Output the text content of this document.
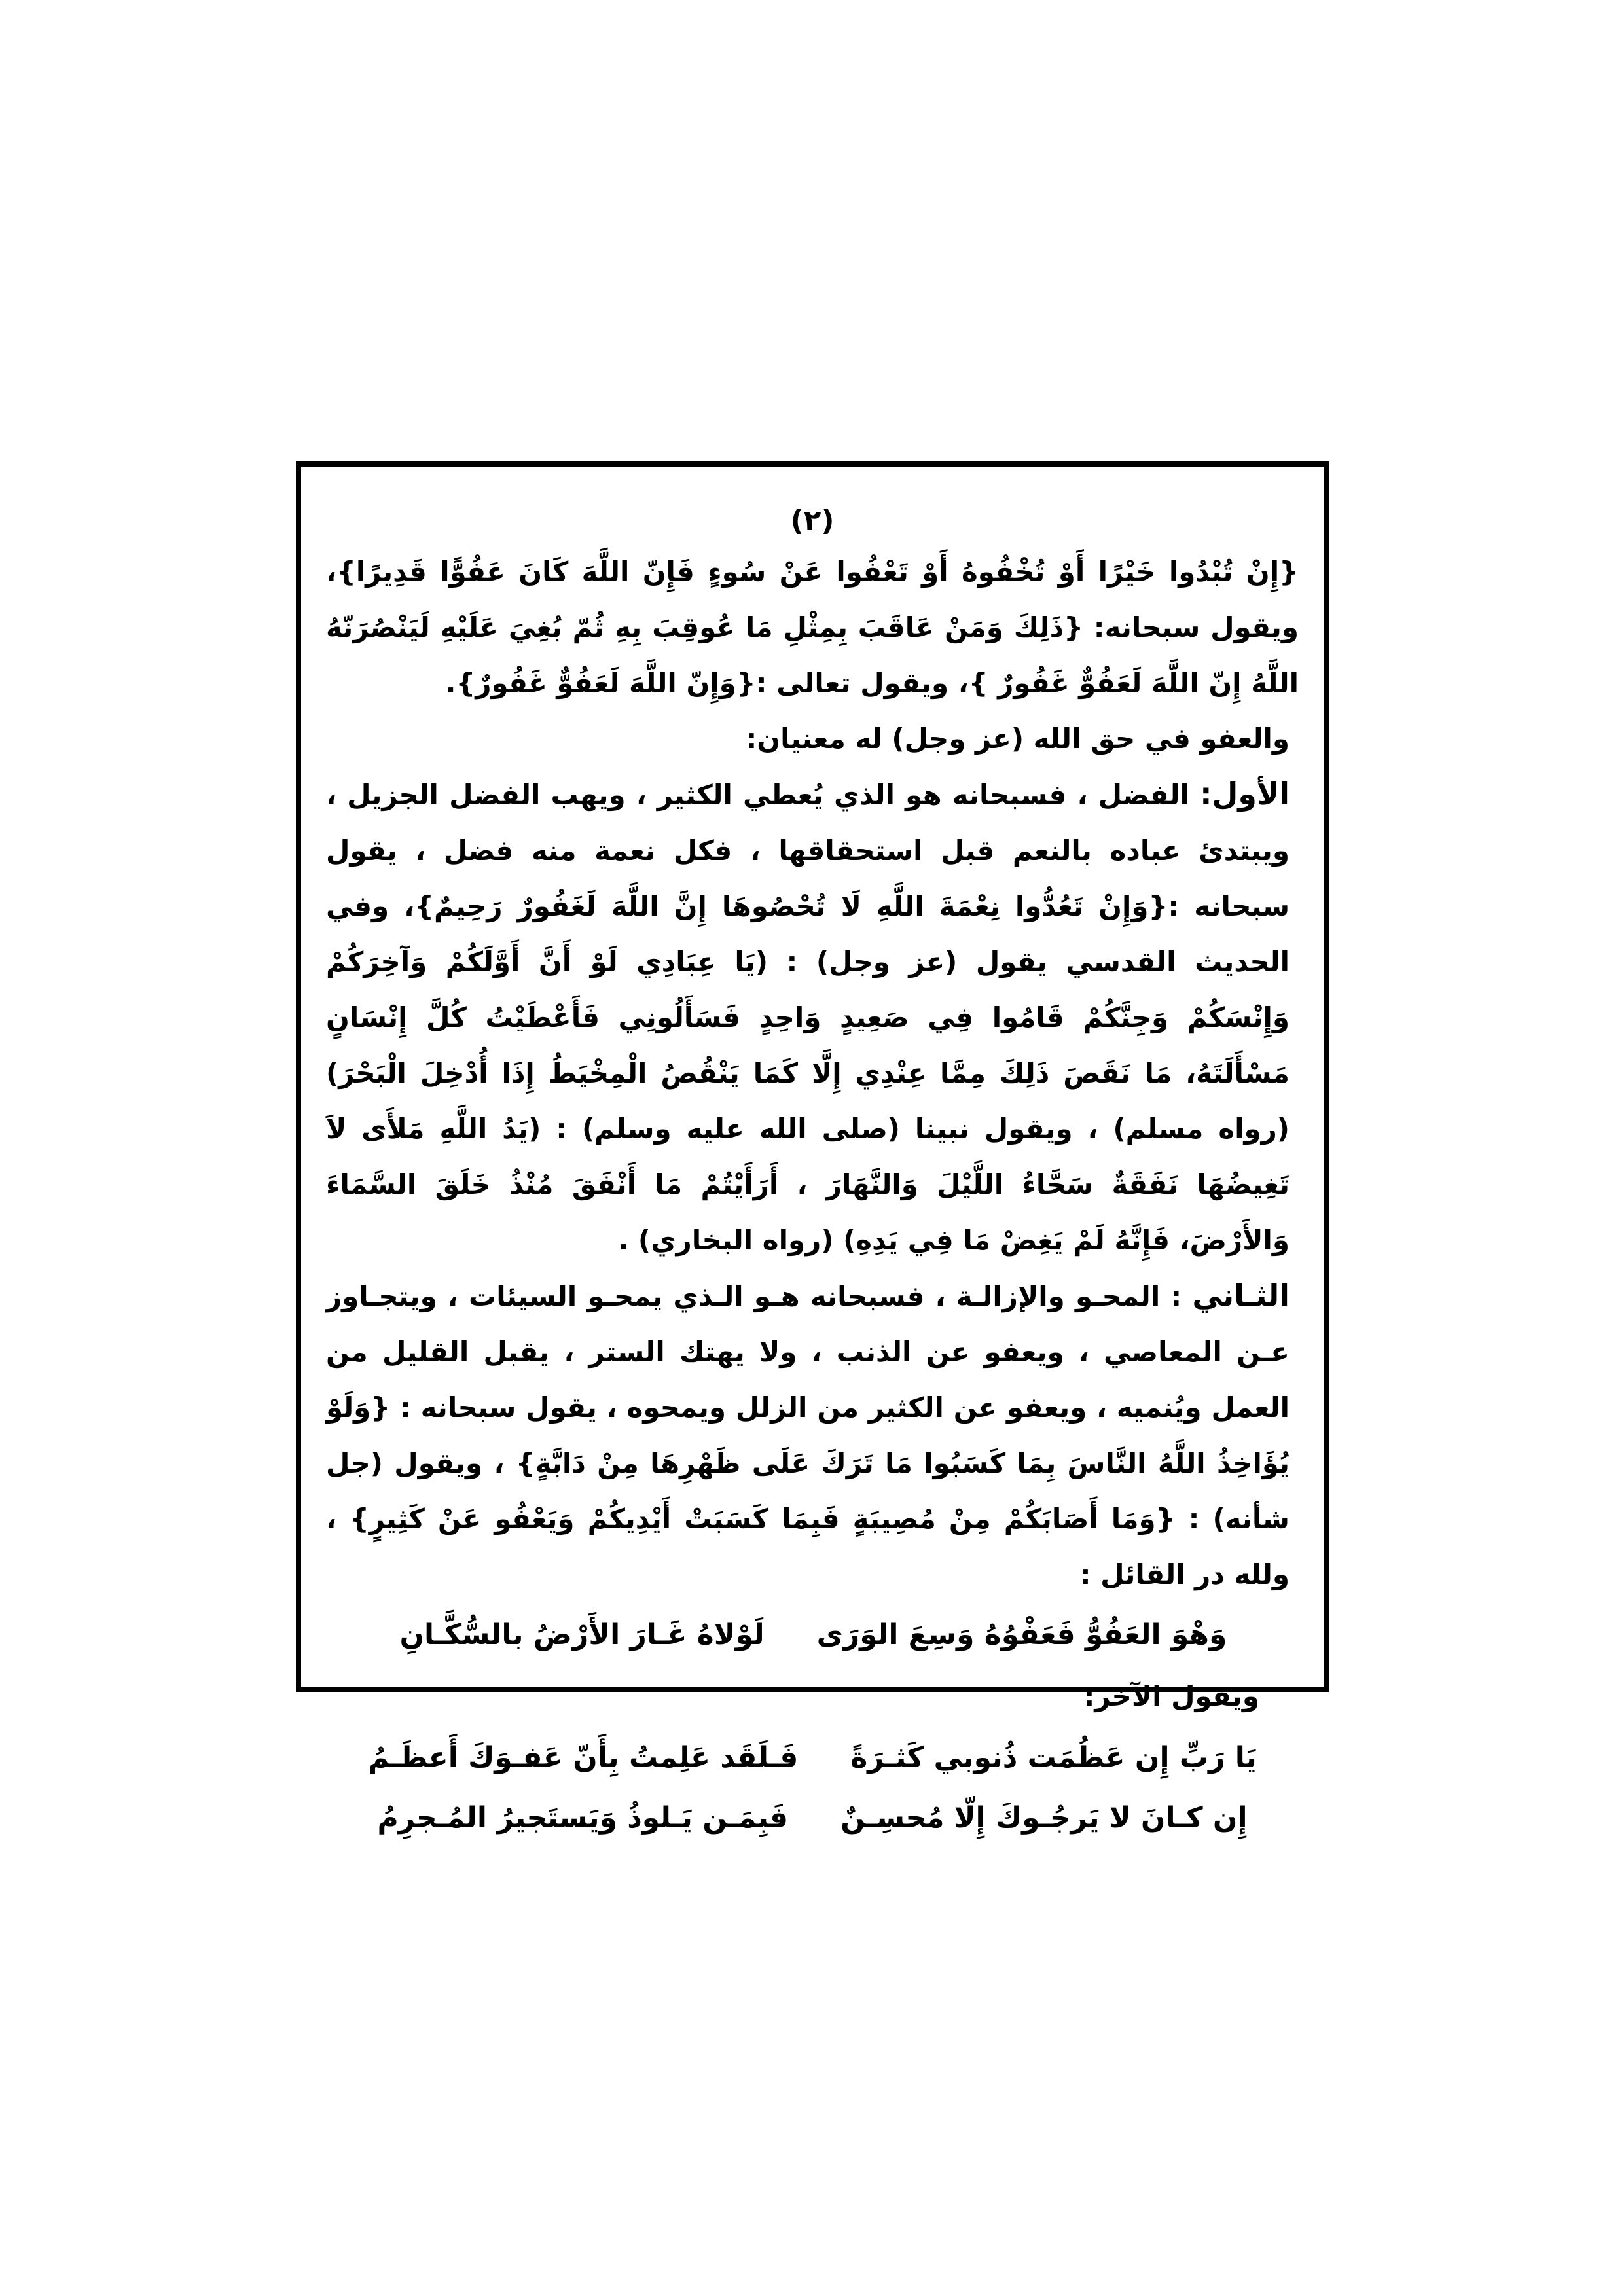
(٢)

{إِنْ تُبْدُوا خَيْرًا أَوْ تُخْفُوهُ أَوْ تَعْفُوا عَنْ سُوءٍ فَإِنّ اللَّهَ كَانَ عَفُوًّا قَدِيرًا}، ويقول سبحانه: {ذَلِكَ وَمَنْ عَاقَبَ بِمِثْلِ مَا عُوقِبَ بِهِ ثُمّ بُغِيَ عَلَيْهِ لَيَنْصُرَنّهُ اللَّهُ إِنّ اللَّهَ لَعَفُوٌّ غَفُورٌ }، ويقول تعالى :{وَإِنّ اللَّهَ لَعَفُوٌّ غَفُورٌ}.

والعفو في حق الله (عز وجل) له معنيان:

الأول: الفضل ، فسبحانه هو الذي يُعطي الكثير ، ويهب الفضل الجزيل ، ويبتدئ عباده بالنعم قبل استحقاقها ، فكل نعمة منه فضل ، يقول سبحانه :{وَإِنْ تَعُدُّوا نِعْمَةَ اللَّهِ لَا تُحْصُوهَا إِنَّ اللَّهَ لَغَفُورٌ رَحِيمٌ}، وفي الحديث القدسي يقول (عز وجل) : (يَا عِبَادِي لَوْ أَنَّ أَوَّلَكُمْ وَآخِرَكُمْ وَإِنْسَكُمْ وَجِنَّكُمْ قَامُوا فِي صَعِيدٍ وَاحِدٍ فَسَأَلُونِي فَأَعْطَيْتُ كُلَّ إِنْسَانٍ مَسْأَلَتَهُ، مَا نَقَصَ ذَلِكَ مِمَّا عِنْدِي إِلَّا كَمَا يَنْقُصُ الْمِخْيَطُ إِذَا أُدْخِلَ الْبَحْرَ) (رواه مسلم) ، ويقول نبينا (صلى الله عليه وسلم) : (يَدُ اللَّهِ مَلأَى لاَ تَغِيضُهَا نَفَقَةٌ سَحَّاءُ اللَّيْلَ وَالنَّهَارَ ، أَرَأَيْتُمْ مَا أَنْفَقَ مُنْذُ خَلَقَ السَّمَاءَ وَالأَرْضَ، فَإِنَّهُ لَمْ يَغِضْ مَا فِي يَدِهِ) (رواه البخاري) .

الثـاني : المحـو والإزالـة ، فسبحانه هـو الـذي يمحـو السيئات ، ويتجـاوز عـن المعاصي ، ويعفو عن الذنب ، ولا يهتك الستر ، يقبل القليل من العمل ويُنميه ، ويعفو عن الكثير من الزلل ويمحوه ، يقول سبحانه : {وَلَوْ يُؤَاخِذُ اللَّهُ النَّاسَ بِمَا كَسَبُوا مَا تَرَكَ عَلَى ظَهْرِهَا مِنْ دَابَّةٍ} ، ويقول (جل شأنه) : {وَمَا أَصَابَكُمْ مِنْ مُصِيبَةٍ فَبِمَا كَسَبَتْ أَيْدِيكُمْ وَيَعْفُو عَنْ كَثِيرٍ} ، ولله در القائل :

وَهْوَ العَفُوُّ فَعَفْوُهُ وَسِعَ الوَرَى
لَوْلاهُ غَـارَ الأَرْضُ بالسُّكَّـانِ
ويقول الآخر:
يَا رَبِّ إِن عَظُمَت ذُنوبي كَثـرَةً
فَـلَقَد عَلِمتُ بِأَنّ عَفـوَكَ أَعظَـمُ
إِن كـانَ لا يَرجُـوكَ إِلّا مُحسِـنٌ
فَبِمَـن يَـلوذُ وَيَستَجيرُ المُـجرِمُ
